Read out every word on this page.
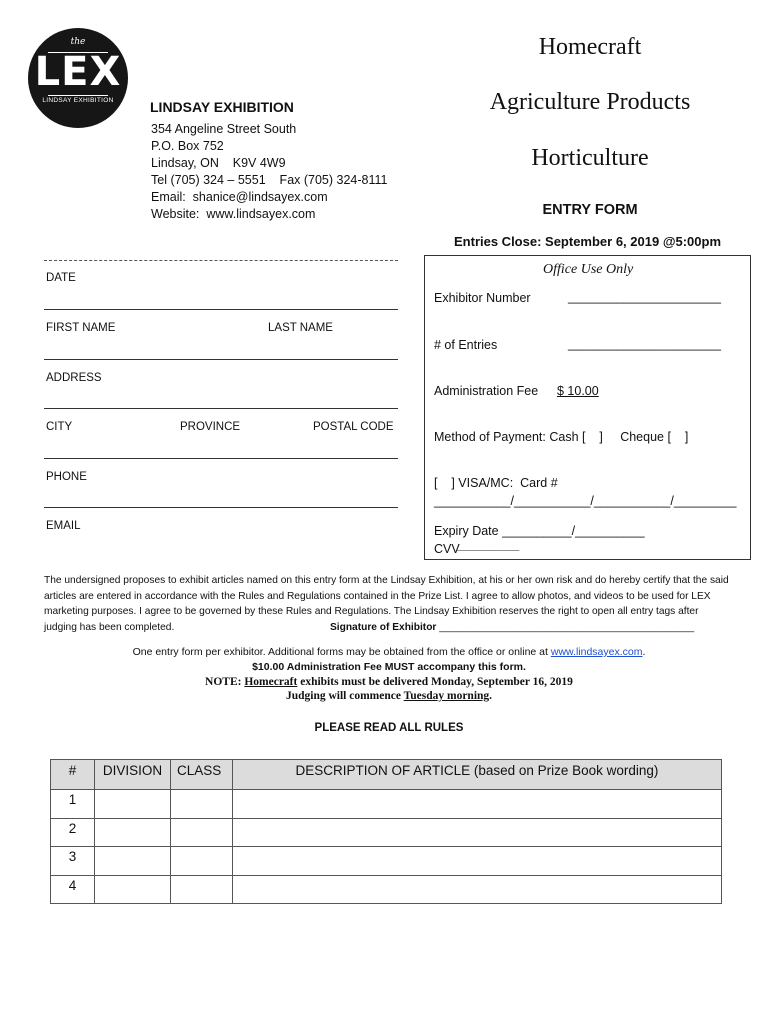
the
LEX
LINDSAY EXHIBITION	LINDSAY EXHIBITION
354 Angeline Street South
P.O. Box 752
Lindsay, ON    K9V 4W9
Tel (705) 324 – 5551    Fax (705) 324-8111
Email:  shanice@lindsayex.com
Website:  www.lindsayex.com
Homecraft
Agriculture Products
Horticulture
ENTRY FORM
Entries Close: September 6, 2019 @5:00pm
DATE
FIRST NAME	LAST NAME
ADDRESS
CITY	PROVINCE	POSTAL CODE
PHONE
EMAIL
Office Use Only
Exhibitor Number	______________________
# of Entries	______________________
Administration Fee $ 10.00
Method of Payment: Cash [    ]     Cheque [    ]
[    ] VISA/MC:  Card #
___________/___________/___________/_________
Expiry Date __________/__________
CVV
________________
The undersigned proposes to exhibit articles named on this entry form at the Lindsay Exhibition, at his or her own risk and do hereby certify that the said articles are entered in accordance with the Rules and Regulations contained in the Prize List. I agree to allow photos, and videos to be used for LEX marketing purposes. I agree to be governed by these Rules and Regulations. The Lindsay Exhibition reserves the right to open all entry tags after judging has been completed.	Signature of Exhibitor _____________________________________________
One entry form per exhibitor. Additional forms may be obtained from the office or online at www.lindsayex.com.
$10.00 Administration Fee MUST accompany this form.
NOTE: Homecraft exhibits must be delivered Monday, September 16, 2019
Judging will commence Tuesday morning.
PLEASE READ ALL RULES
#	DIVISION	CLASS	DESCRIPTION OF ARTICLE (based on Prize Book wording)
1			
2			
3			
4			
